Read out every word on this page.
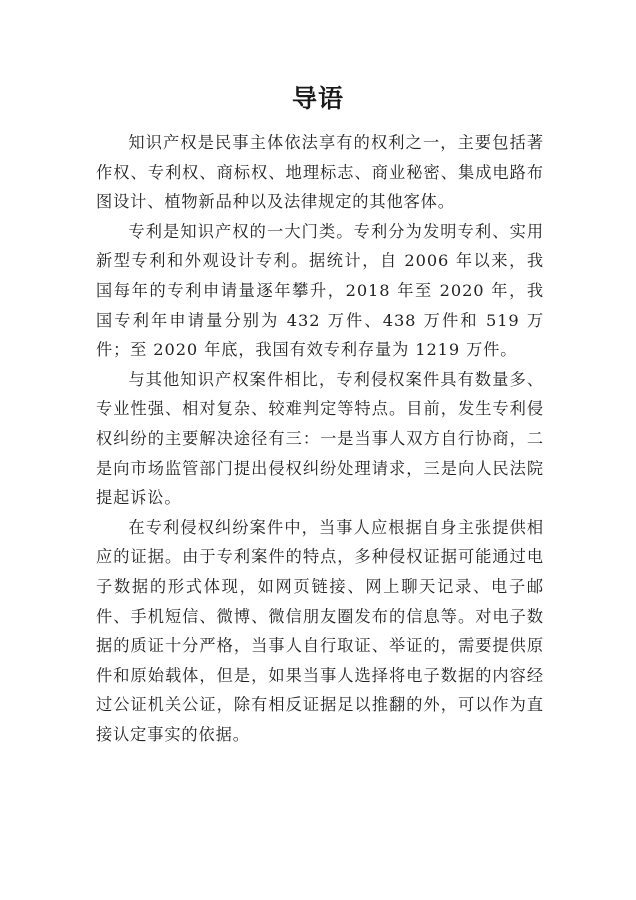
导语

知识产权是民事主体依法享有的权利之一，主要包括著作权、专利权、商标权、地理标志、商业秘密、集成电路布图设计、植物新品种以及法律规定的其他客体。

专利是知识产权的一大门类。专利分为发明专利、实用新型专利和外观设计专利。据统计，自 2006 年以来，我国每年的专利申请量逐年攀升，2018 年至 2020 年，我国专利年申请量分别为 432 万件、438 万件和 519 万件；至 2020 年底，我国有效专利存量为 1219 万件。

与其他知识产权案件相比，专利侵权案件具有数量多、专业性强、相对复杂、较难判定等特点。目前，发生专利侵权纠纷的主要解决途径有三：一是当事人双方自行协商，二是向市场监管部门提出侵权纠纷处理请求，三是向人民法院提起诉讼。

在专利侵权纠纷案件中，当事人应根据自身主张提供相应的证据。由于专利案件的特点，多种侵权证据可能通过电子数据的形式体现，如网页链接、网上聊天记录、电子邮件、手机短信、微博、微信朋友圈发布的信息等。对电子数据的质证十分严格，当事人自行取证、举证的，需要提供原件和原始载体，但是，如果当事人选择将电子数据的内容经过公证机关公证，除有相反证据足以推翻的外，可以作为直接认定事实的依据。
